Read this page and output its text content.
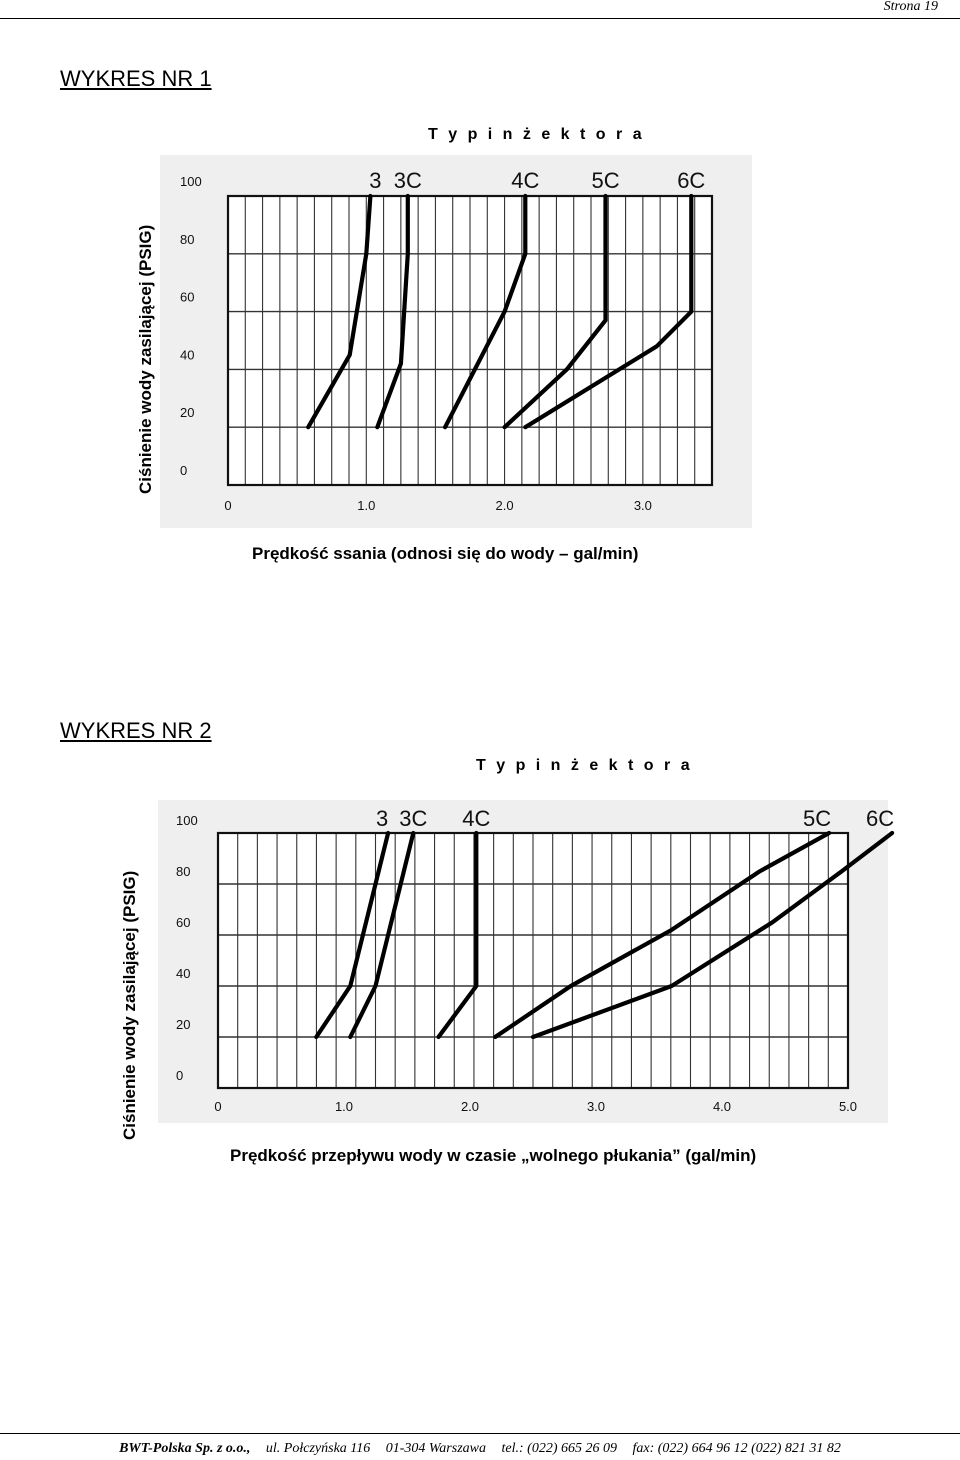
Strona 19
WYKRES NR 1
T y p i n ż e k t o r a
Ciśnienie wody zasilającej (PSIG) 0
20
40
60
80
100
0	1.0	2.0	3.0
3 3C	4C 5C	6C
Prędkość ssania (odnosi się do wody – gal/min)
WYKRES NR 2
T y p i n ż e k t o r a
Ciśnienie wody zasilającej (PSIG)	0
20
40
60
80
100
0	1.0	2.0	3.0	4.0	5.0
3 3C 4C	5C 6C
Prędkość przepływu wody w czasie „wolnego płukania” (gal/min)
BWT-Polska Sp. z o.o., ul. Połczyńska 116 01-304 Warszawa tel.: (022) 665 26 09 fax: (022) 664 96 12 (022) 821 31 82
